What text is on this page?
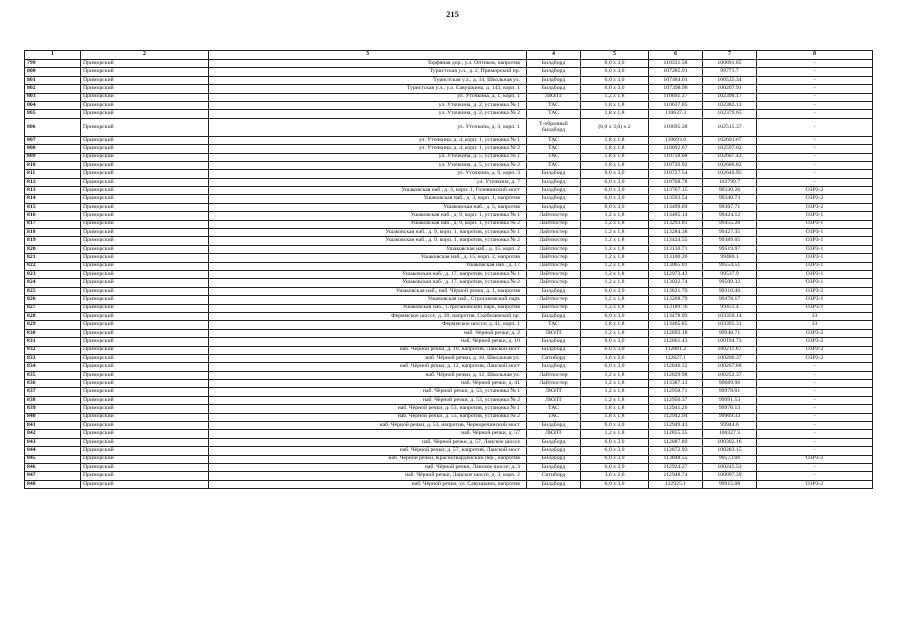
215
1	2	3	4	5	6	7	8
799	Приморский	Торфяная дор., у.л. Оптиков, напротив	Билдборд	6,0 х 3,0	110331.58	100891.65	-
800	Приморский	Туристская у.л., д. 2, Приморский пр.	Билдборд	6,0 х 3,0	107285.91	99771.7	-
801	Приморский	Туристская у.л., д. 14, Школьная ул.	Билдборд	6,0 х 3,0	107484.01	100535.34	-
802	Приморский	Туристская у.л., у.л. Савушкина, д. 143, корп. 1	Билдборд	6,0 х 3,0	107398.98	100207.91	-
803	Приморский	ул. Уточкина, д. 1, корп. 1	ЛЮЛТ	1,2 х 1,8	110691.37	102390.17	-
804	Приморский	ул. Уточкина, д. 2, установка № 1	ТАС	1,8 х 1,8	110637.85	102382.13	-
805	Приморский	ул. Уточкина, д. 2, установка № 2	ТАС	1,8 х 1,8	110637.3	102379.65	-
806	Приморский	ул. Уточкина, д. 3, корп. 1	Т-образный билдборд	(6,0 х 3,0) х 2	110695.38	102515.37	-
807	Приморский	ул. Уточкина, д. 4, корп. 1, установка № 1	ТАС	1,8 х 1,8	110693.6	102601.67	-
808	Приморский	ул. Уточкина, д. 4, корп. 1, установка № 2	ТАС	1,8 х 1,8	110692.67	102597.02	-
809	Приморский	ул. Уточкина, д. 5, установка № 1	ТАС	1,8 х 1,8	110718.68	102607.42	-
810	Приморский	ул. Уточкина, д. 5, установка № 2	ТАС	1,8 х 1,8	110720.92	102606.82	-
811	Приморский	ул. Уточкина, д. 6, корп. 3	Билдборд	6,0 х 3,0	110727.54	102640.95	-
812	Приморский	ул. Уточкина, д. 7	Билдборд	6,0 х 3,0	110768.78	102799.7	-
813	Приморский	Ушаковская наб., д. 3, корп. 1, Головинский мост	Билдборд	6,0 х 3,0	113767.15	99330.26	ОЗРЗ-2
814	Приморский	Ушаковская наб., д. 3, корп. 1, напротив	Билдборд	6,0 х 3,0	113593.54	99340.73	ОЗРЗ-2
815	Приморский	Ушаковская наб., д. 5, напротив	Билдборд	6,0 х 3,0	113499.69	99367.71	ОЗРЗ-2
816	Приморский	Ушаковская наб., д. 9, корп. 1, установка № 1	Лайтпостер	1,2 х 1,8	113405.14	99424.12	ОЗРЗ-1
817	Приморский	Ушаковская наб., д. 9, корп. 1, установка № 2	Лайтпостер	1,2 х 1,8	113293.81	99455.28	ОЗРЗ-1
818	Приморский	Ушаковская наб., д. 9, корп. 1, напротив, установка № 1	Лайтпостер	1,2 х 1,8	113284.38	99427.35	ОЗРЗ-1
819	Приморский	Ушаковская наб., д. 9, корп. 1, напротив, установка № 2	Лайтпостер	1,2 х 1,8	113424.55	99389.05	ОЗРЗ-1
820	Приморский	Ушаковская наб., д. 15, корп. 2	Лайтпостер	1,2 х 1,8	113130.71	99519.97	ОЗРЗ-1
821	Приморский	Ушаковская наб., д. 15, корп. 2, напротив	Лайтпостер	1,2 х 1,8	113100.26	99480.1	ОЗРЗ-1
822	Приморский	Ушаковская наб., д. 17	Лайтпостер	1,2 х 1,8	113065.01	99554.51	ОЗРЗ-1
823	Приморский	Ушаковская наб., д. 17, напротив, установка № 1	Лайтпостер	1,2 х 1,8	112973.42	99537.9	ОЗРЗ-1
824	Приморский	Ушаковская наб., д. 17, напротив, установка № 2	Лайтпостер	1,2 х 1,8	113032.74	99509.32	ОЗРЗ-1
825	Приморский	Ушаковская наб., наб. Чёрной речки, д. 1, напротив	Билдборд	6,0 х 3,0	113821.79	99316.46	ОЗРЗ-2
826	Приморский	Ушаковская наб., Строгановский парк	Лайтпостер	1,2 х 1,8	113208.79	99478.17	ОЗРЗ-1
827	Приморский	Ушаковская наб., Строгановский парк, напротив	Лайтпостер	1,2 х 1,8	113189.76	99451.4	ОЗРЗ-1
828	Приморский	Ферммское шоссе, д. 30, напротив, Скобелевский пр.	Билдборд	6,0 х 3,0	113478.09	103350.14	33
829	Приморский	Ферммское шоссе, д. 41, корп. 1	ТАС	1,8 х 1,8	113465.85	103395.31	33
830	Приморский	наб. Чёрной речки, д. 2	ЛЮЛТ	1,2 х 1,8	112892.18	99948.71	ОЗРЗ-2
831	Приморский	наб. Чёрной речки, д. 10	Билдборд	6,0 х 3,0	112861.43	100194.73	ОЗРЗ-2
832	Приморский	наб. Чёрной речки, д. 10, напротив, Ланской мост	Билдборд	6,0 х 3,0	112881.2	100211.67	ОЗРЗ-2
833	Приморский	наб. Чёрной речки, д. 10, Школьная ул.	Ситиборд	3,6 х 2,6	112827.1	100200.37	ОЗРЗ-2
834	Приморский	наб. Чёрной речки, д. 12, напротив, Ланской мост	Билдборд	6,0 х 3,0	112846.32	100267.88	-
835	Приморский	наб. Чёрной речки, д. 12, Школьная ул.	Лайтпостер	1,2 х 1,8	112829.98	100252.37	-
836	Приморский	наб. Чёрной речки, д. 41	Лайтпостер	1,2 х 1,8	113387.13	99689.96	-
837	Приморский	наб. Чёрной речки, д. 53, установка № 1	ЛЮЛТ	1,2 х 1,8	112958.71	99978.01	-
838	Приморский	наб. Чёрной речки, д. 53, установка № 2	ЛЮЛТ	1,2 х 1,8	112956.37	99991.53	-
839	Приморский	наб. Чёрной речки, д. 53, напротив, установка № 1	ТАС	1,8 х 1,8	112941.26	99976.13	-
840	Приморский	наб. Чёрной речки, д. 53, напротив, установка № 2	ТАС	1,8 х 1,8	112942.94	99969.33	-
841	Приморский	наб. Чёрной речки, д. 53, напротив, Черноречинский мост	Билдборд	6,0 х 3,0	112949.43	99944.6	-
842	Приморский	наб. Чёрной речки, д. 57	ЛЮЛТ	1,2 х 1,8	112855.35	100327.5	-
843	Приморский	наб. Чёрной речки, д. 57, Ланское шоссе	Билдборд	6,0 х 3,0	112887.89	100302.16	-
844	Приморский	наб. Чёрной речки, д. 57, напротив, Ланской мост	Билдборд	6,0 х 3,0	112872.93	100283.15	-
845	Приморский	наб. Чёрной речки, Красногвардейский пер., напротив	Билдборд	6,0 х 3,0	113848.55	99573.06	ОЗРЗ-2
846	Приморский	наб. Чёрной речки, Ланское шоссе, д. 3	Билдборд	6,0 х 3,0	112924.27	100245.53	-
847	Приморский	наб. Чёрной речки, Ланское шоссе, д. 3, корп. 2	Ситиборд	3,6 х 2,6	112948.74	100097.39	-
848	Приморский	наб. Чёрной речки, ул. Савушкина, напротив	Билдборд	6,0 х 3,0	112925.1	99915.08	ОЗРЗ-2
